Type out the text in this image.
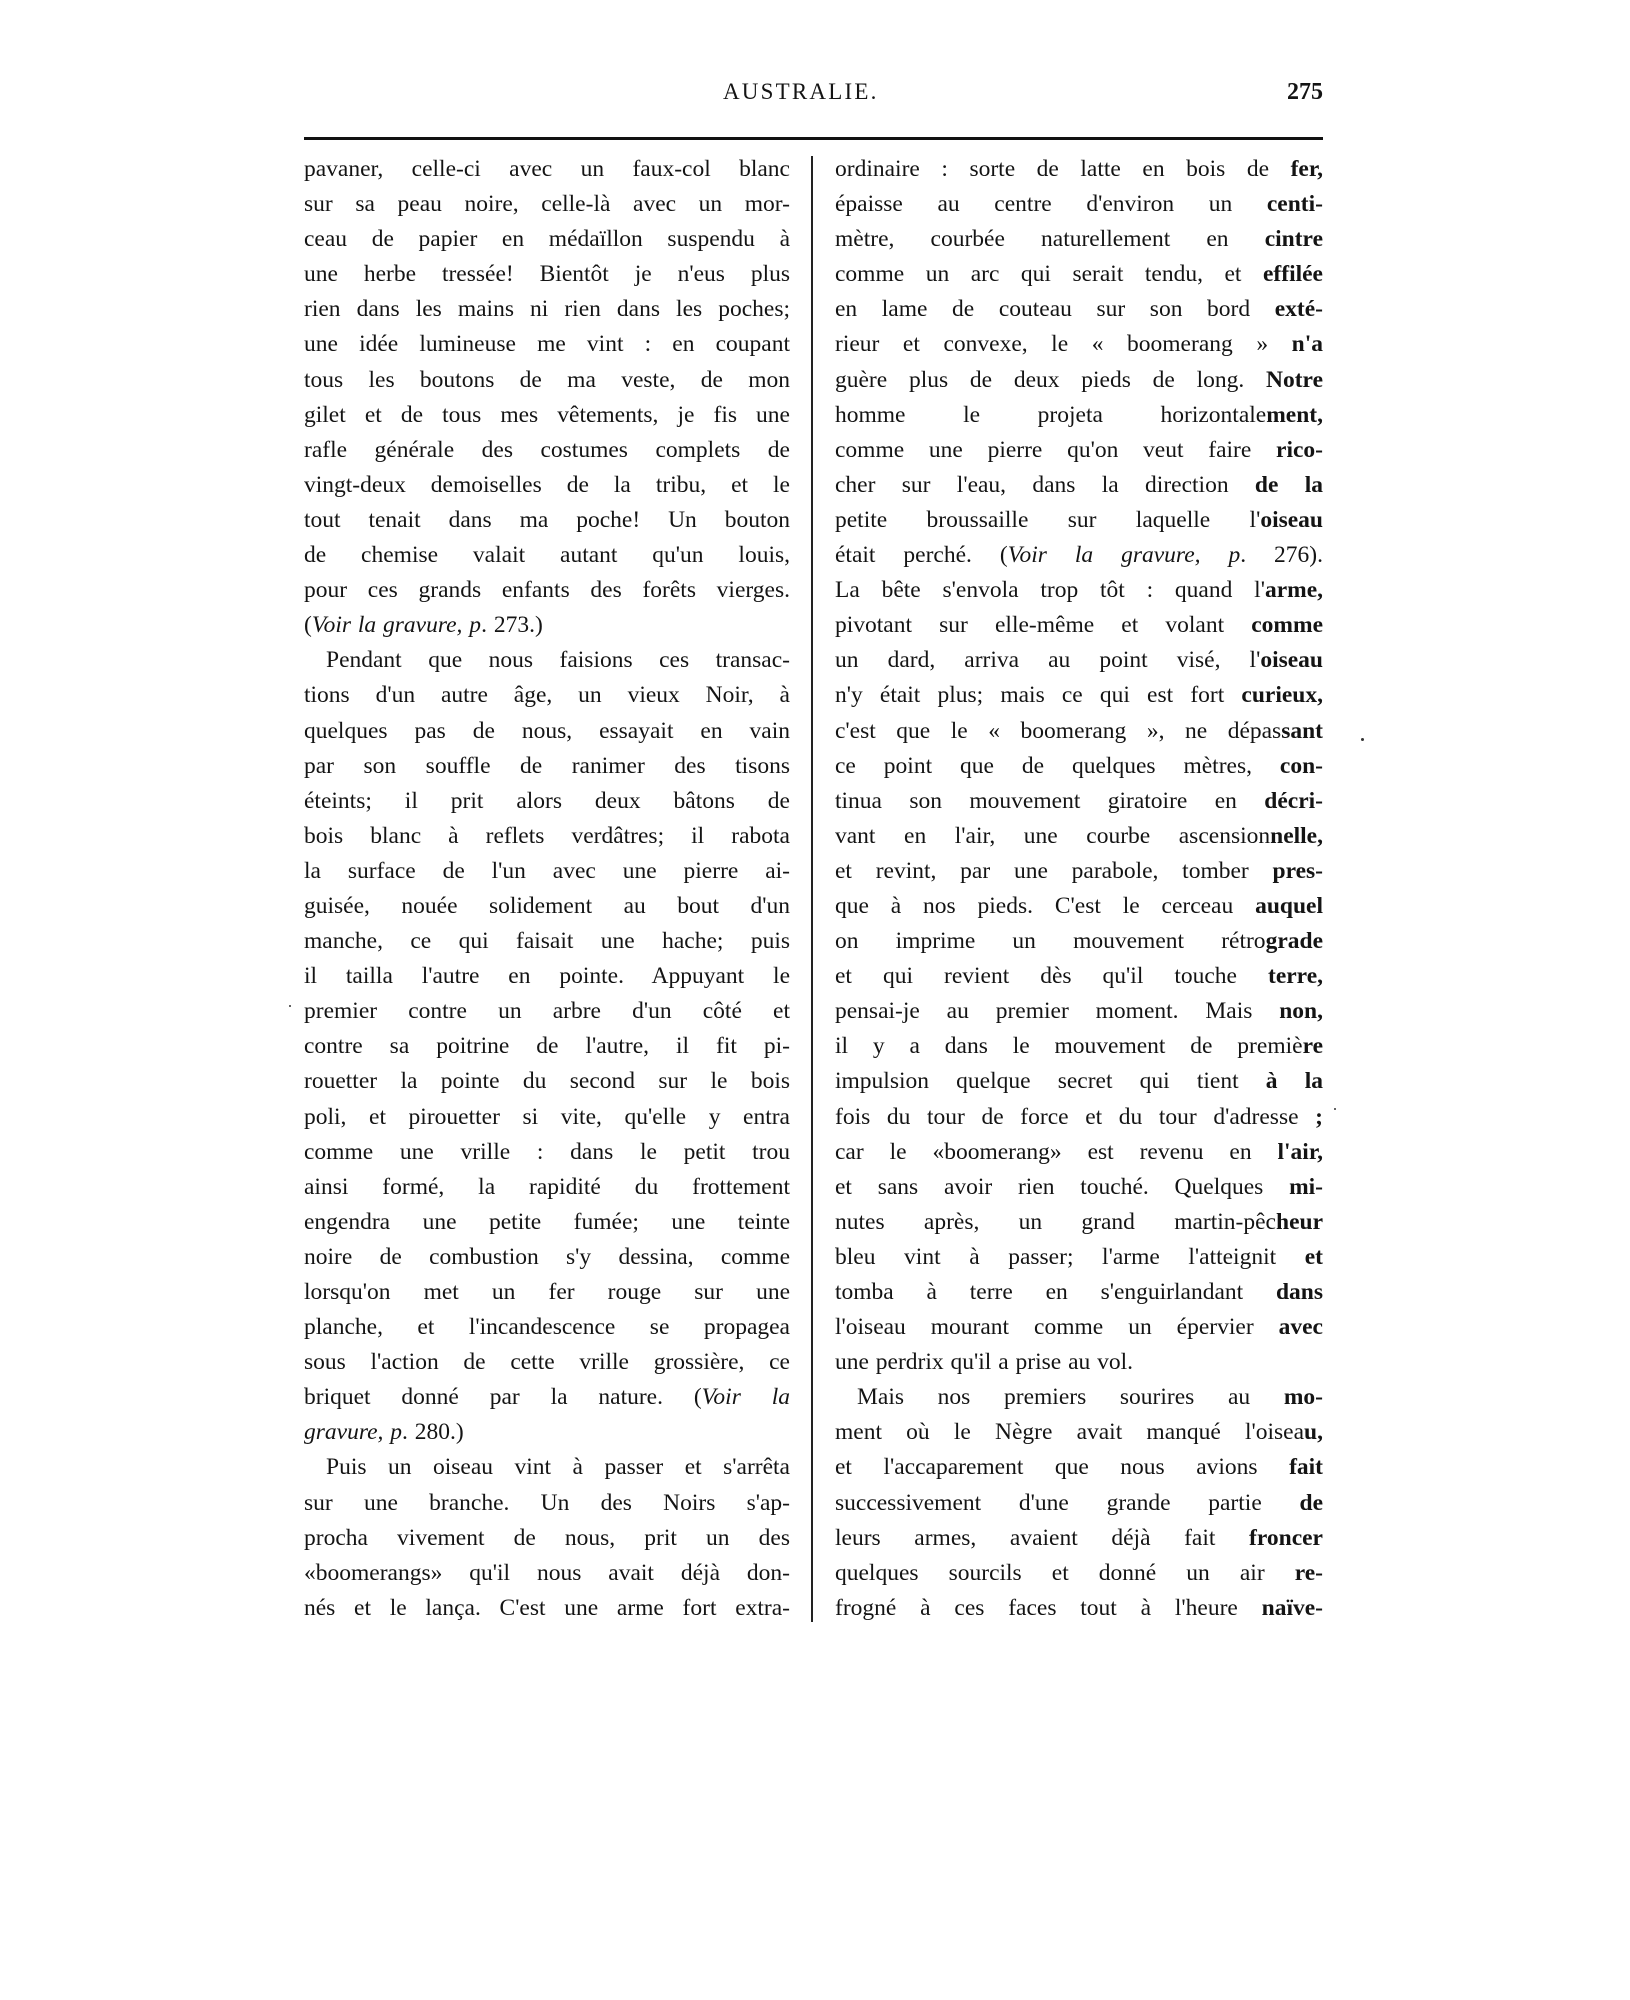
AUSTRALIE.	275
pavaner, celle-ci avec un faux-col blanc
sur sa peau noire, celle-là avec un mor-
ceau de papier en médaïllon suspendu à
une herbe tressée! Bientôt je n'eus plus
rien dans les mains ni rien dans les poches;
une idée lumineuse me vint : en coupant
tous les boutons de ma veste, de mon
gilet et de tous mes vêtements, je fis une
rafle générale des costumes complets de
vingt-deux demoiselles de la tribu, et le
tout tenait dans ma poche! Un bouton
de chemise valait autant qu'un louis,
pour ces grands enfants des forêts vierges.
(Voir la gravure, p. 273.)
Pendant que nous faisions ces transac-
tions d'un autre âge, un vieux Noir, à
quelques pas de nous, essayait en vain
par son souffle de ranimer des tisons
éteints; il prit alors deux bâtons de
bois blanc à reflets verdâtres; il rabota
la surface de l'un avec une pierre ai-
guisée, nouée solidement au bout d'un
manche, ce qui faisait une hache; puis
il tailla l'autre en pointe. Appuyant le
premier contre un arbre d'un côté et
contre sa poitrine de l'autre, il fit pi-
rouetter la pointe du second sur le bois
poli, et pirouetter si vite, qu'elle y entra
comme une vrille : dans le petit trou
ainsi formé, la rapidité du frottement
engendra une petite fumée; une teinte
noire de combustion s'y dessina, comme
lorsqu'on met un fer rouge sur une
planche, et l'incandescence se propagea
sous l'action de cette vrille grossière, ce
briquet donné par la nature. (Voir la
gravure, p. 280.)
Puis un oiseau vint à passer et s'arrêta
sur une branche. Un des Noirs s'ap-
procha vivement de nous, prit un des
«boomerangs» qu'il nous avait déjà don-
nés et le lança. C'est une arme fort extra-
ordinaire : sorte de latte en bois de fer,
épaisse au centre d'environ un centi-
mètre, courbée naturellement en cintre
comme un arc qui serait tendu, et effilée
en lame de couteau sur son bord exté-
rieur et convexe, le « boomerang » n'a
guère plus de deux pieds de long. Notre
homme le projeta horizontalement,
comme une pierre qu'on veut faire rico-
cher sur l'eau, dans la direction de la
petite broussaille sur laquelle l'oiseau
était perché. (Voir la gravure, p. 276).
La bête s'envola trop tôt : quand l'arme,
pivotant sur elle-même et volant comme
un dard, arriva au point visé, l'oiseau
n'y était plus; mais ce qui est fort curieux,
c'est que le « boomerang », ne dépassant
ce point que de quelques mètres, con-
tinua son mouvement giratoire en décri-
vant en l'air, une courbe ascensionnelle,
et revint, par une parabole, tomber pres-
que à nos pieds. C'est le cerceau auquel
on imprime un mouvement rétrograde
et qui revient dès qu'il touche terre,
pensai-je au premier moment. Mais non,
il y a dans le mouvement de première
impulsion quelque secret qui tient à la
fois du tour de force et du tour d'adresse ;
car le «boomerang» est revenu en l'air,
et sans avoir rien touché. Quelques mi-
nutes après, un grand martin-pêcheur
bleu vint à passer; l'arme l'atteignit et
tomba à terre en s'enguirlandant dans
l'oiseau mourant comme un épervier avec
une perdrix qu'il a prise au vol.
Mais nos premiers sourires au mo-
ment où le Nègre avait manqué l'oiseau,
et l'accaparement que nous avions fait
successivement d'une grande partie de
leurs armes, avaient déjà fait froncer
quelques sourcils et donné un air re-
frogné à ces faces tout à l'heure naïve-
